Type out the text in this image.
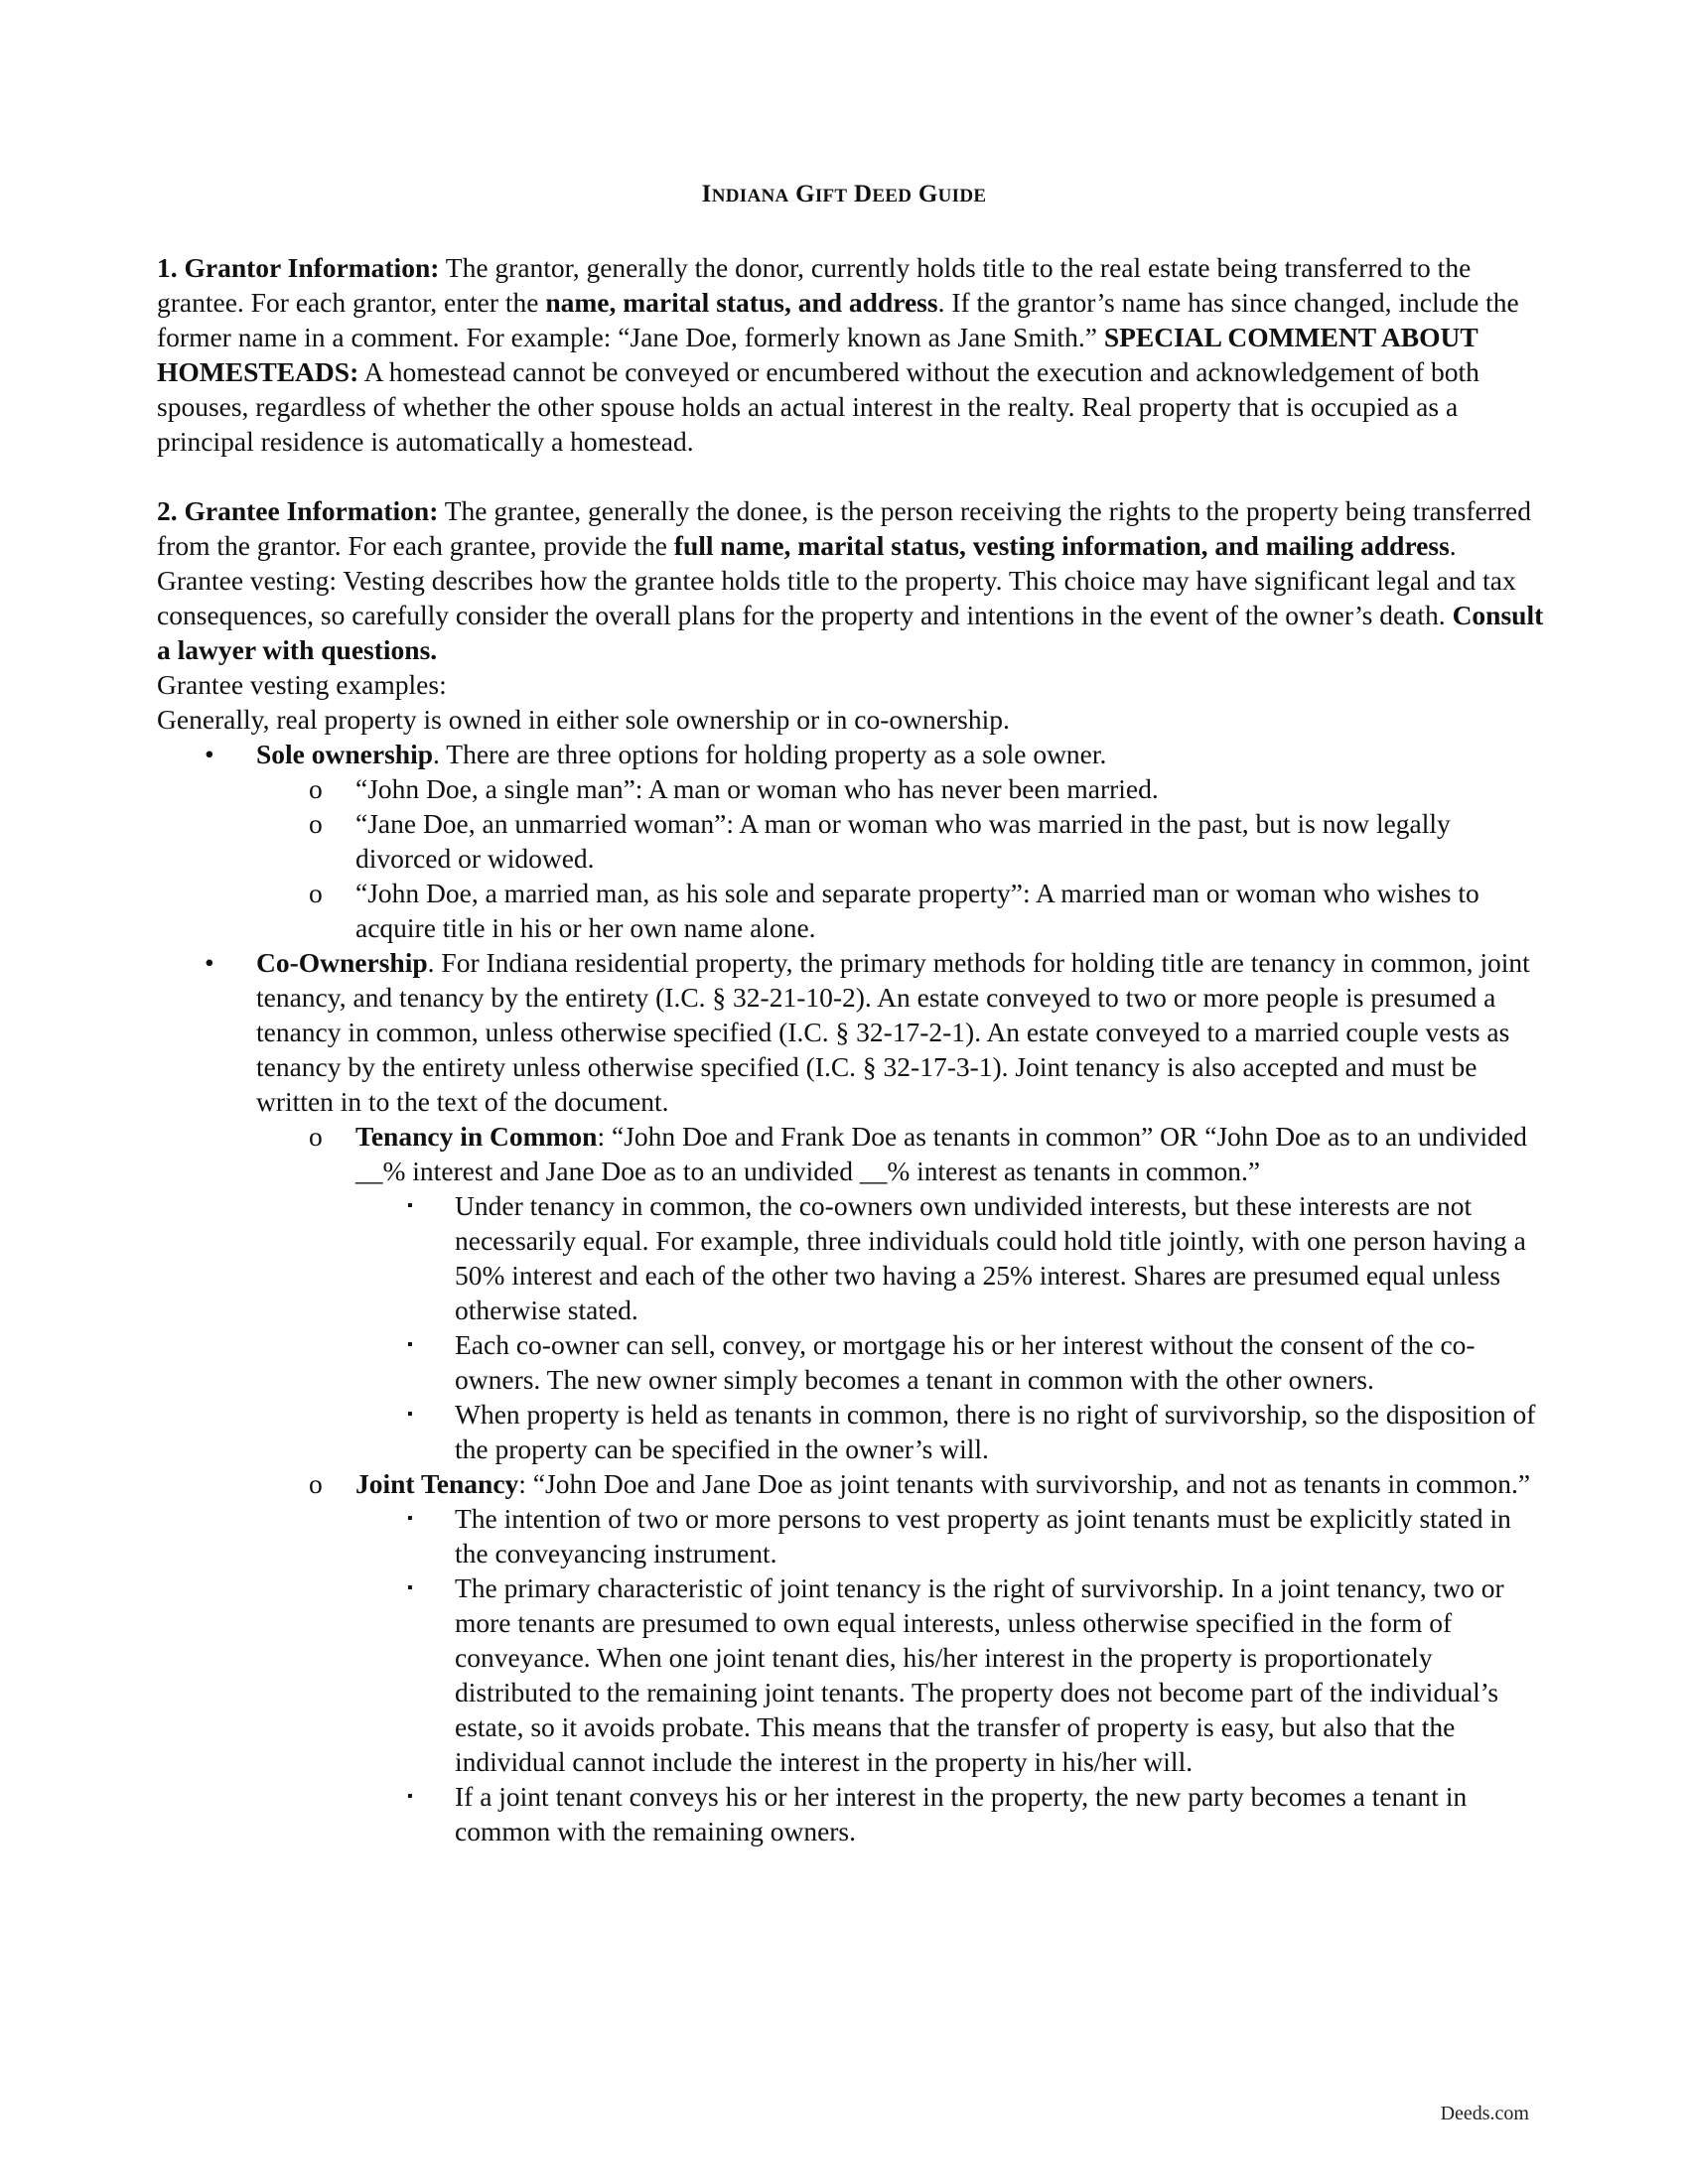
INDIANA GIFT DEED GUIDE

1. Grantor Information: The grantor, generally the donor, currently holds title to the real estate being transferred to the grantee. For each grantor, enter the name, marital status, and address. If the grantor’s name has since changed, include the former name in a comment. For example: “Jane Doe, formerly known as Jane Smith.” SPECIAL COMMENT ABOUT HOMESTEADS: A homestead cannot be conveyed or encumbered without the execution and acknowledgement of both spouses, regardless of whether the other spouse holds an actual interest in the realty. Real property that is occupied as a principal residence is automatically a homestead.

2. Grantee Information: The grantee, generally the donee, is the person receiving the rights to the property being transferred from the grantor. For each grantee, provide the full name, marital status, vesting information, and mailing address. Grantee vesting: Vesting describes how the grantee holds title to the property. This choice may have significant legal and tax consequences, so carefully consider the overall plans for the property and intentions in the event of the owner’s death. Consult a lawyer with questions.

Grantee vesting examples:

Generally, real property is owned in either sole ownership or in co-ownership.

• Sole ownership. There are three options for holding property as a sole owner.
o “John Doe, a single man”: A man or woman who has never been married.
o “Jane Doe, an unmarried woman”: A man or woman who was married in the past, but is now legally divorced or widowed.
o “John Doe, a married man, as his sole and separate property”: A married man or woman who wishes to acquire title in his or her own name alone.
• Co-Ownership. For Indiana residential property, the primary methods for holding title are tenancy in common, joint tenancy, and tenancy by the entirety (I.C. § 32-21-10-2). An estate conveyed to two or more people is presumed a tenancy in common, unless otherwise specified (I.C. § 32-17-2-1). An estate conveyed to a married couple vests as tenancy by the entirety unless otherwise specified (I.C. § 32-17-3-1). Joint tenancy is also accepted and must be written in to the text of the document.
o Tenancy in Common: “John Doe and Frank Doe as tenants in common” OR “John Doe as to an undivided __% interest and Jane Doe as to an undivided __% interest as tenants in common.”
▪ Under tenancy in common, the co-owners own undivided interests, but these interests are not necessarily equal. For example, three individuals could hold title jointly, with one person having a 50% interest and each of the other two having a 25% interest. Shares are presumed equal unless otherwise stated.
▪ Each co-owner can sell, convey, or mortgage his or her interest without the consent of the co-owners. The new owner simply becomes a tenant in common with the other owners.
▪ When property is held as tenants in common, there is no right of survivorship, so the disposition of the property can be specified in the owner’s will.
o Joint Tenancy: “John Doe and Jane Doe as joint tenants with survivorship, and not as tenants in common.”
▪ The intention of two or more persons to vest property as joint tenants must be explicitly stated in the conveyancing instrument.
▪ The primary characteristic of joint tenancy is the right of survivorship. In a joint tenancy, two or more tenants are presumed to own equal interests, unless otherwise specified in the form of conveyance. When one joint tenant dies, his/her interest in the property is proportionately distributed to the remaining joint tenants. The property does not become part of the individual’s estate, so it avoids probate. This means that the transfer of property is easy, but also that the individual cannot include the interest in the property in his/her will.
▪ If a joint tenant conveys his or her interest in the property, the new party becomes a tenant in common with the remaining owners.
Deeds.com
